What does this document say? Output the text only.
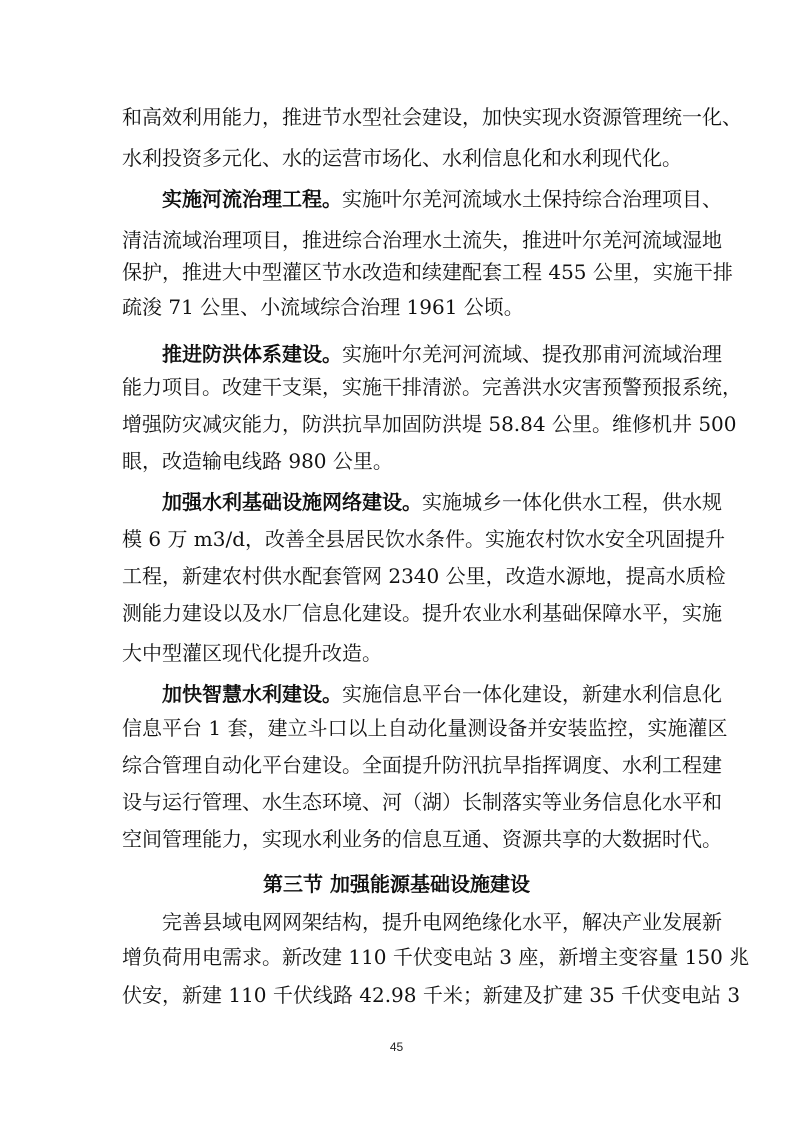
和高效利用能力，推进节水型社会建设，加快实现水资源管理统一化、
水利投资多元化、水的运营市场化、水利信息化和水利现代化。
实施河流治理工程。实施叶尔羌河流域水土保持综合治理项目、
清洁流域治理项目，推进综合治理水土流失，推进叶尔羌河流域湿地
保护，推进大中型灌区节水改造和续建配套工程 455 公里，实施干排
疏浚 71 公里、小流域综合治理 1961 公顷。
推进防洪体系建设。实施叶尔羌河河流域、提孜那甫河流域治理
能力项目。改建干支渠，实施干排清淤。完善洪水灾害预警预报系统，
增强防灾减灾能力，防洪抗旱加固防洪堤 58.84 公里。维修机井 500
眼，改造输电线路 980 公里。
加强水利基础设施网络建设。实施城乡一体化供水工程，供水规
模 6 万 m3/d，改善全县居民饮水条件。实施农村饮水安全巩固提升
工程，新建农村供水配套管网 2340 公里，改造水源地，提高水质检
测能力建设以及水厂信息化建设。提升农业水利基础保障水平，实施
大中型灌区现代化提升改造。
加快智慧水利建设。实施信息平台一体化建设，新建水利信息化
信息平台 1 套，建立斗口以上自动化量测设备并安装监控，实施灌区
综合管理自动化平台建设。全面提升防汛抗旱指挥调度、水利工程建
设与运行管理、水生态环境、河（湖）长制落实等业务信息化水平和
空间管理能力，实现水利业务的信息互通、资源共享的大数据时代。
第三节 加强能源基础设施建设
完善县域电网网架结构，提升电网绝缘化水平，解决产业发展新
增负荷用电需求。新改建 110 千伏变电站 3 座，新增主变容量 150 兆
伏安，新建 110 千伏线路 42.98 千米；新建及扩建 35 千伏变电站 3
45
